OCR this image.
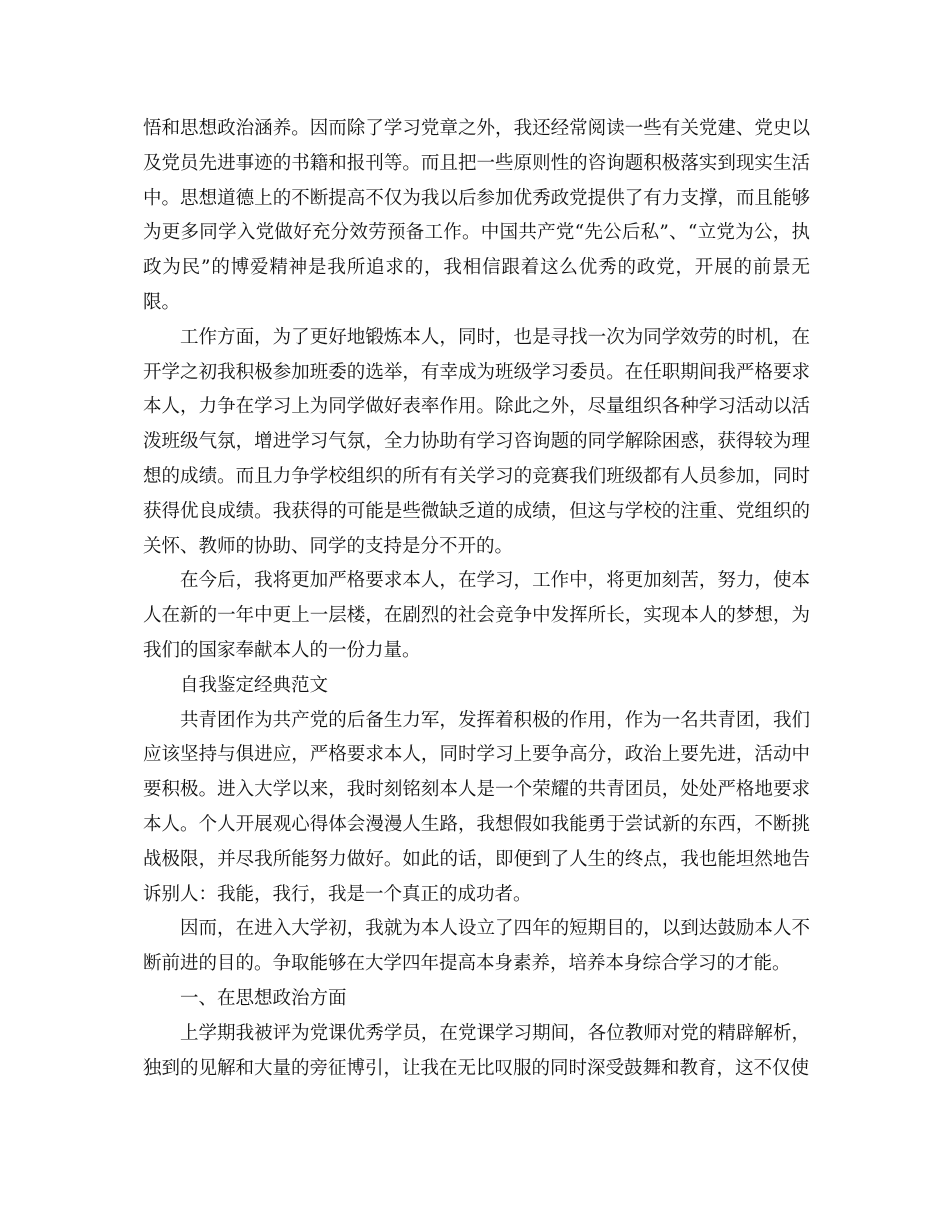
悟和思想政治涵养。因而除了学习党章之外，我还经常阅读一些有关党建、党史以及党员先进事迹的书籍和报刊等。而且把一些原则性的咨询题积极落实到现实生活中。思想道德上的不断提高不仅为我以后参加优秀政党提供了有力支撑，而且能够为更多同学入党做好充分效劳预备工作。中国共产党“先公后私”、“立党为公，执政为民”的博爱精神是我所追求的，我相信跟着这么优秀的政党，开展的前景无限。

工作方面，为了更好地锻炼本人，同时，也是寻找一次为同学效劳的时机，在开学之初我积极参加班委的选举，有幸成为班级学习委员。在任职期间我严格要求本人，力争在学习上为同学做好表率作用。除此之外，尽量组织各种学习活动以活泼班级气氛，增进学习气氛，全力协助有学习咨询题的同学解除困惑，获得较为理想的成绩。而且力争学校组织的所有有关学习的竞赛我们班级都有人员参加，同时获得优良成绩。我获得的可能是些微缺乏道的成绩，但这与学校的注重、党组织的关怀、教师的协助、同学的支持是分不开的。

在今后，我将更加严格要求本人，在学习，工作中，将更加刻苦，努力，使本人在新的一年中更上一层楼，在剧烈的社会竞争中发挥所长，实现本人的梦想，为我们的国家奉献本人的一份力量。

自我鉴定经典范文

共青团作为共产党的后备生力军，发挥着积极的作用，作为一名共青团，我们应该坚持与俱进应，严格要求本人，同时学习上要争高分，政治上要先进，活动中要积极。进入大学以来，我时刻铭刻本人是一个荣耀的共青团员，处处严格地要求本人。个人开展观心得体会漫漫人生路，我想假如我能勇于尝试新的东西，不断挑战极限，并尽我所能努力做好。如此的话，即便到了人生的终点，我也能坦然地告诉别人：我能，我行，我是一个真正的成功者。

因而，在进入大学初，我就为本人设立了四年的短期目的，以到达鼓励本人不断前进的目的。争取能够在大学四年提高本身素养，培养本身综合学习的才能。

一、在思想政治方面

上学期我被评为党课优秀学员，在党课学习期间，各位教师对党的精辟解析，独到的见解和大量的旁征博引，让我在无比叹服的同时深受鼓舞和教育，这不仅使
